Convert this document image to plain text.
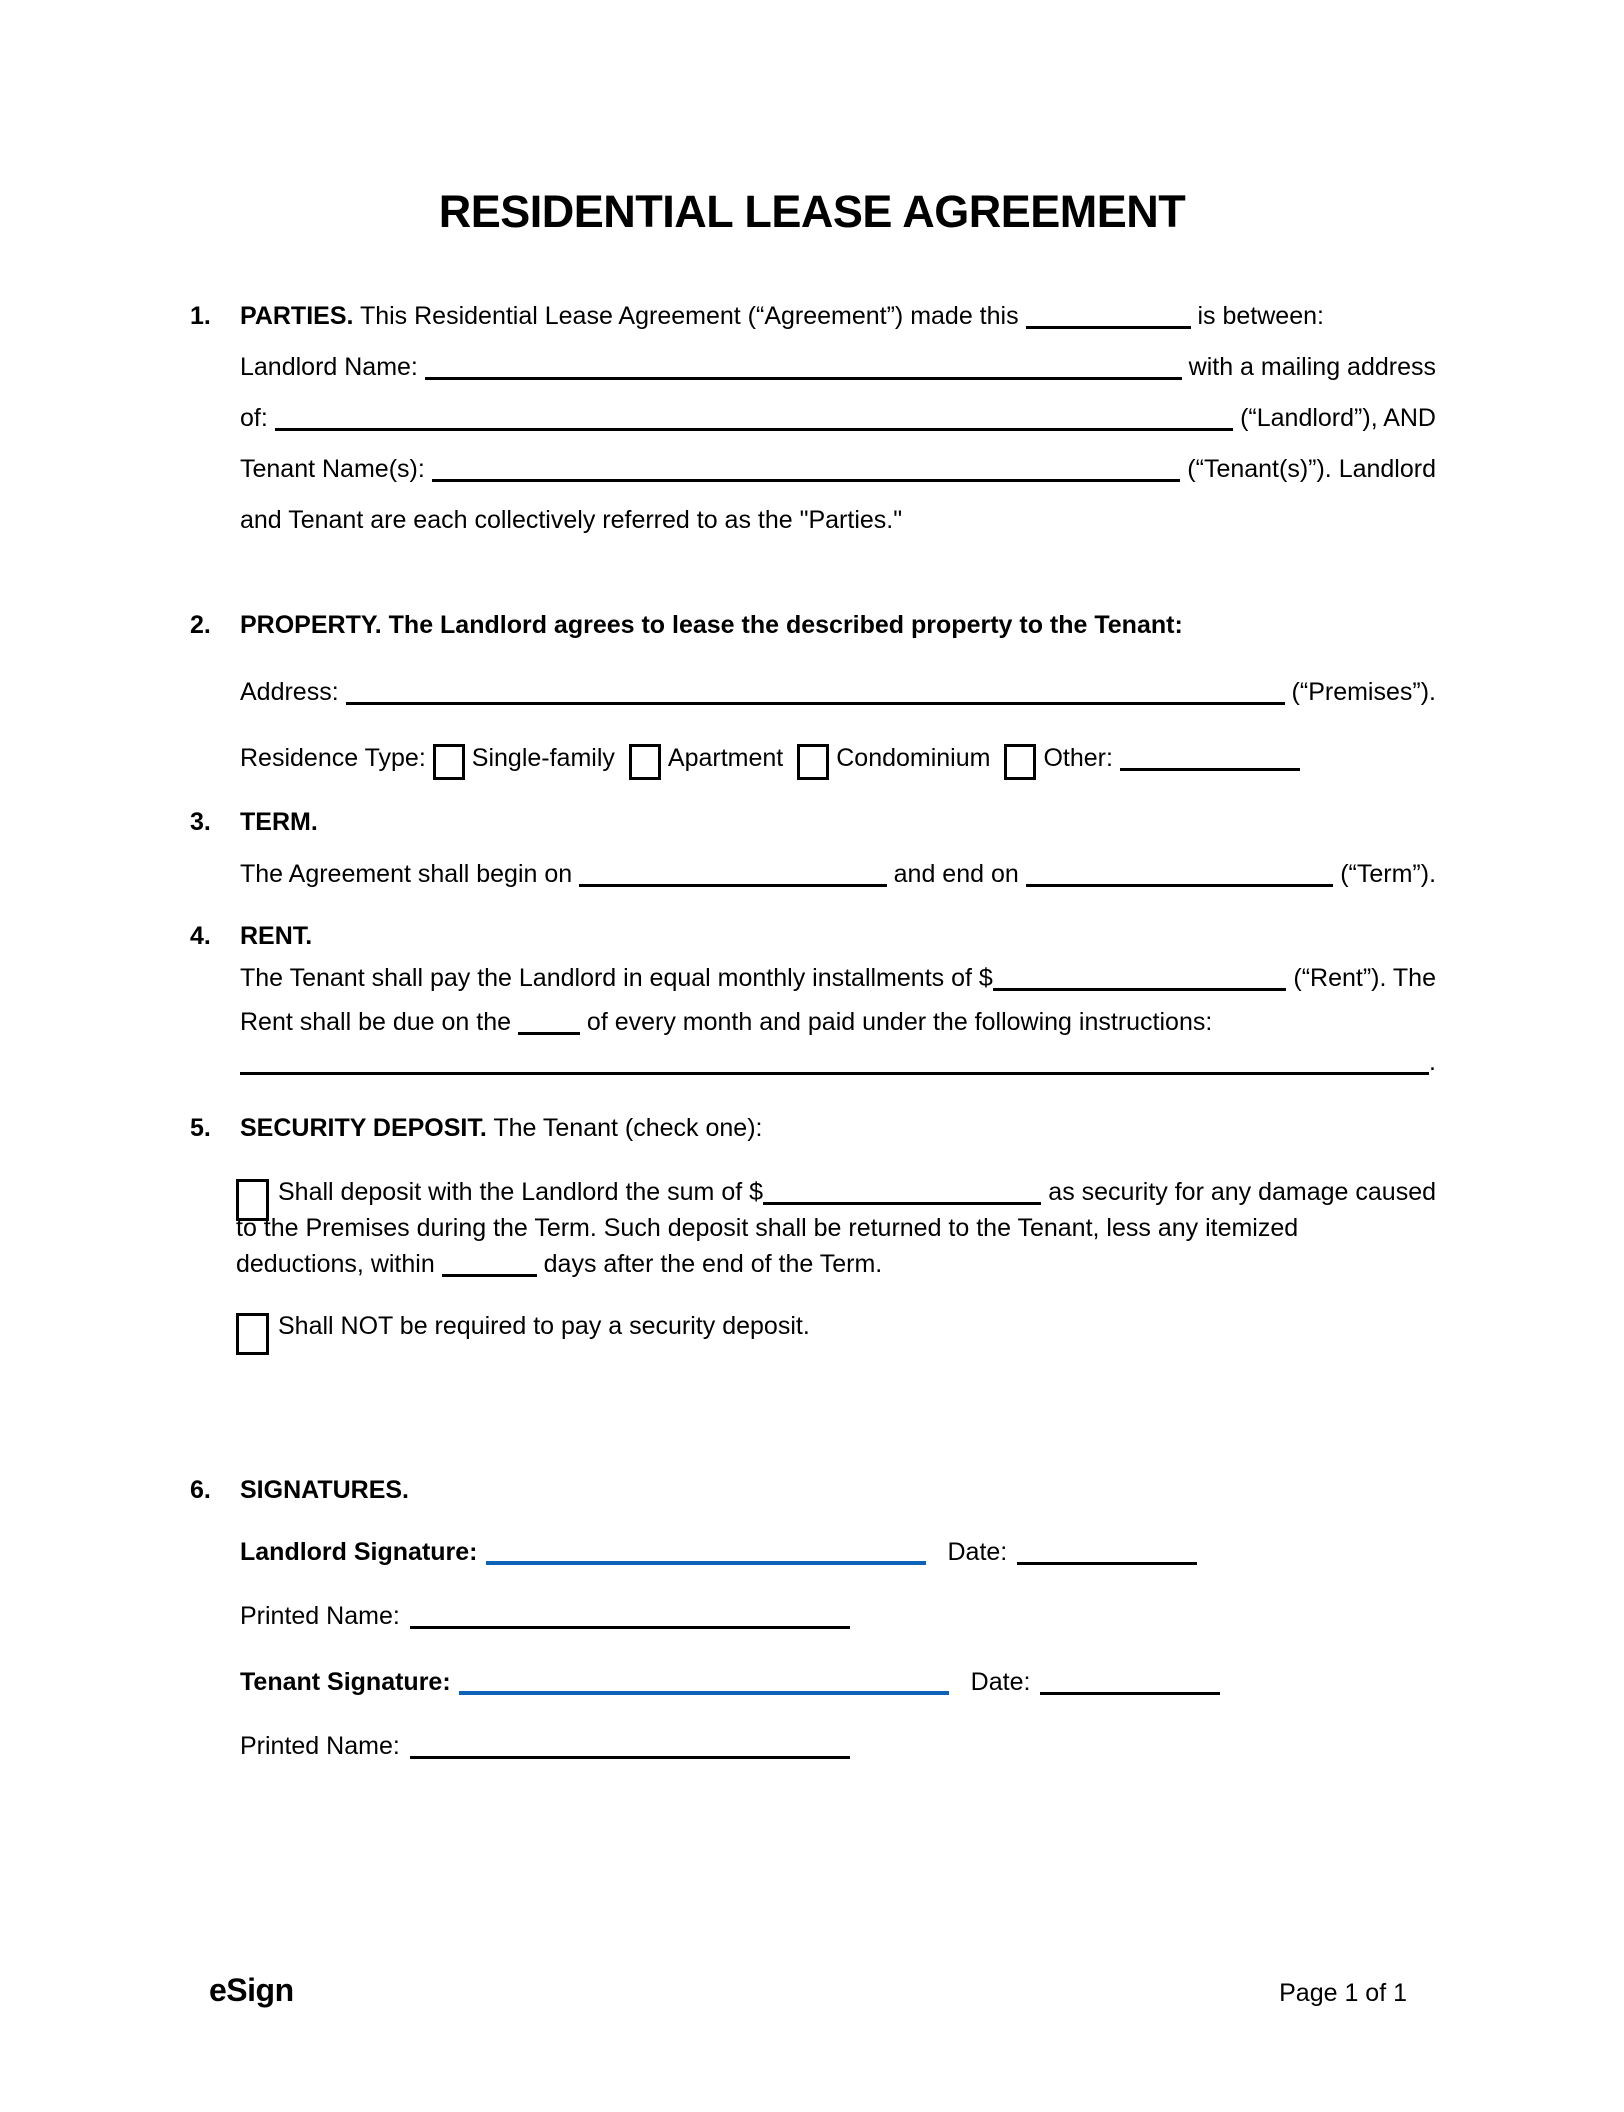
RESIDENTIAL LEASE AGREEMENT
1.	PARTIES. This Residential Lease Agreement (“Agreement”) made this	is between:
Landlord Name:	with a mailing address
of:	(“Landlord”), AND
Tenant Name(s):	(“Tenant(s)”). Landlord
and Tenant are each collectively referred to as the "Parties."
2.	PROPERTY. The Landlord agrees to lease the described property to the Tenant:
Address:	(“Premises”).
Residence Type: Single-family Apartment Condominium Other:
3.	TERM.
The Agreement shall begin on	and end on	(“Term”).
4.	RENT.
The Tenant shall pay the Landlord in equal monthly installments of $	(“Rent”). The
Rent shall be due on the of every month and paid under the following instructions:
.
5.	SECURITY DEPOSIT. The Tenant (check one):
Shall deposit with the Landlord the sum of $	as security for any damage caused
to the Premises during the Term. Such deposit shall be returned to the Tenant, less any itemized
deductions, within	days after the end of the Term.
Shall NOT be required to pay a security deposit.
6.	SIGNATURES.
Landlord Signature:	Date:
Printed Name:
Tenant Signature:	Date:
Printed Name:
eSign	Page 1 of 1
